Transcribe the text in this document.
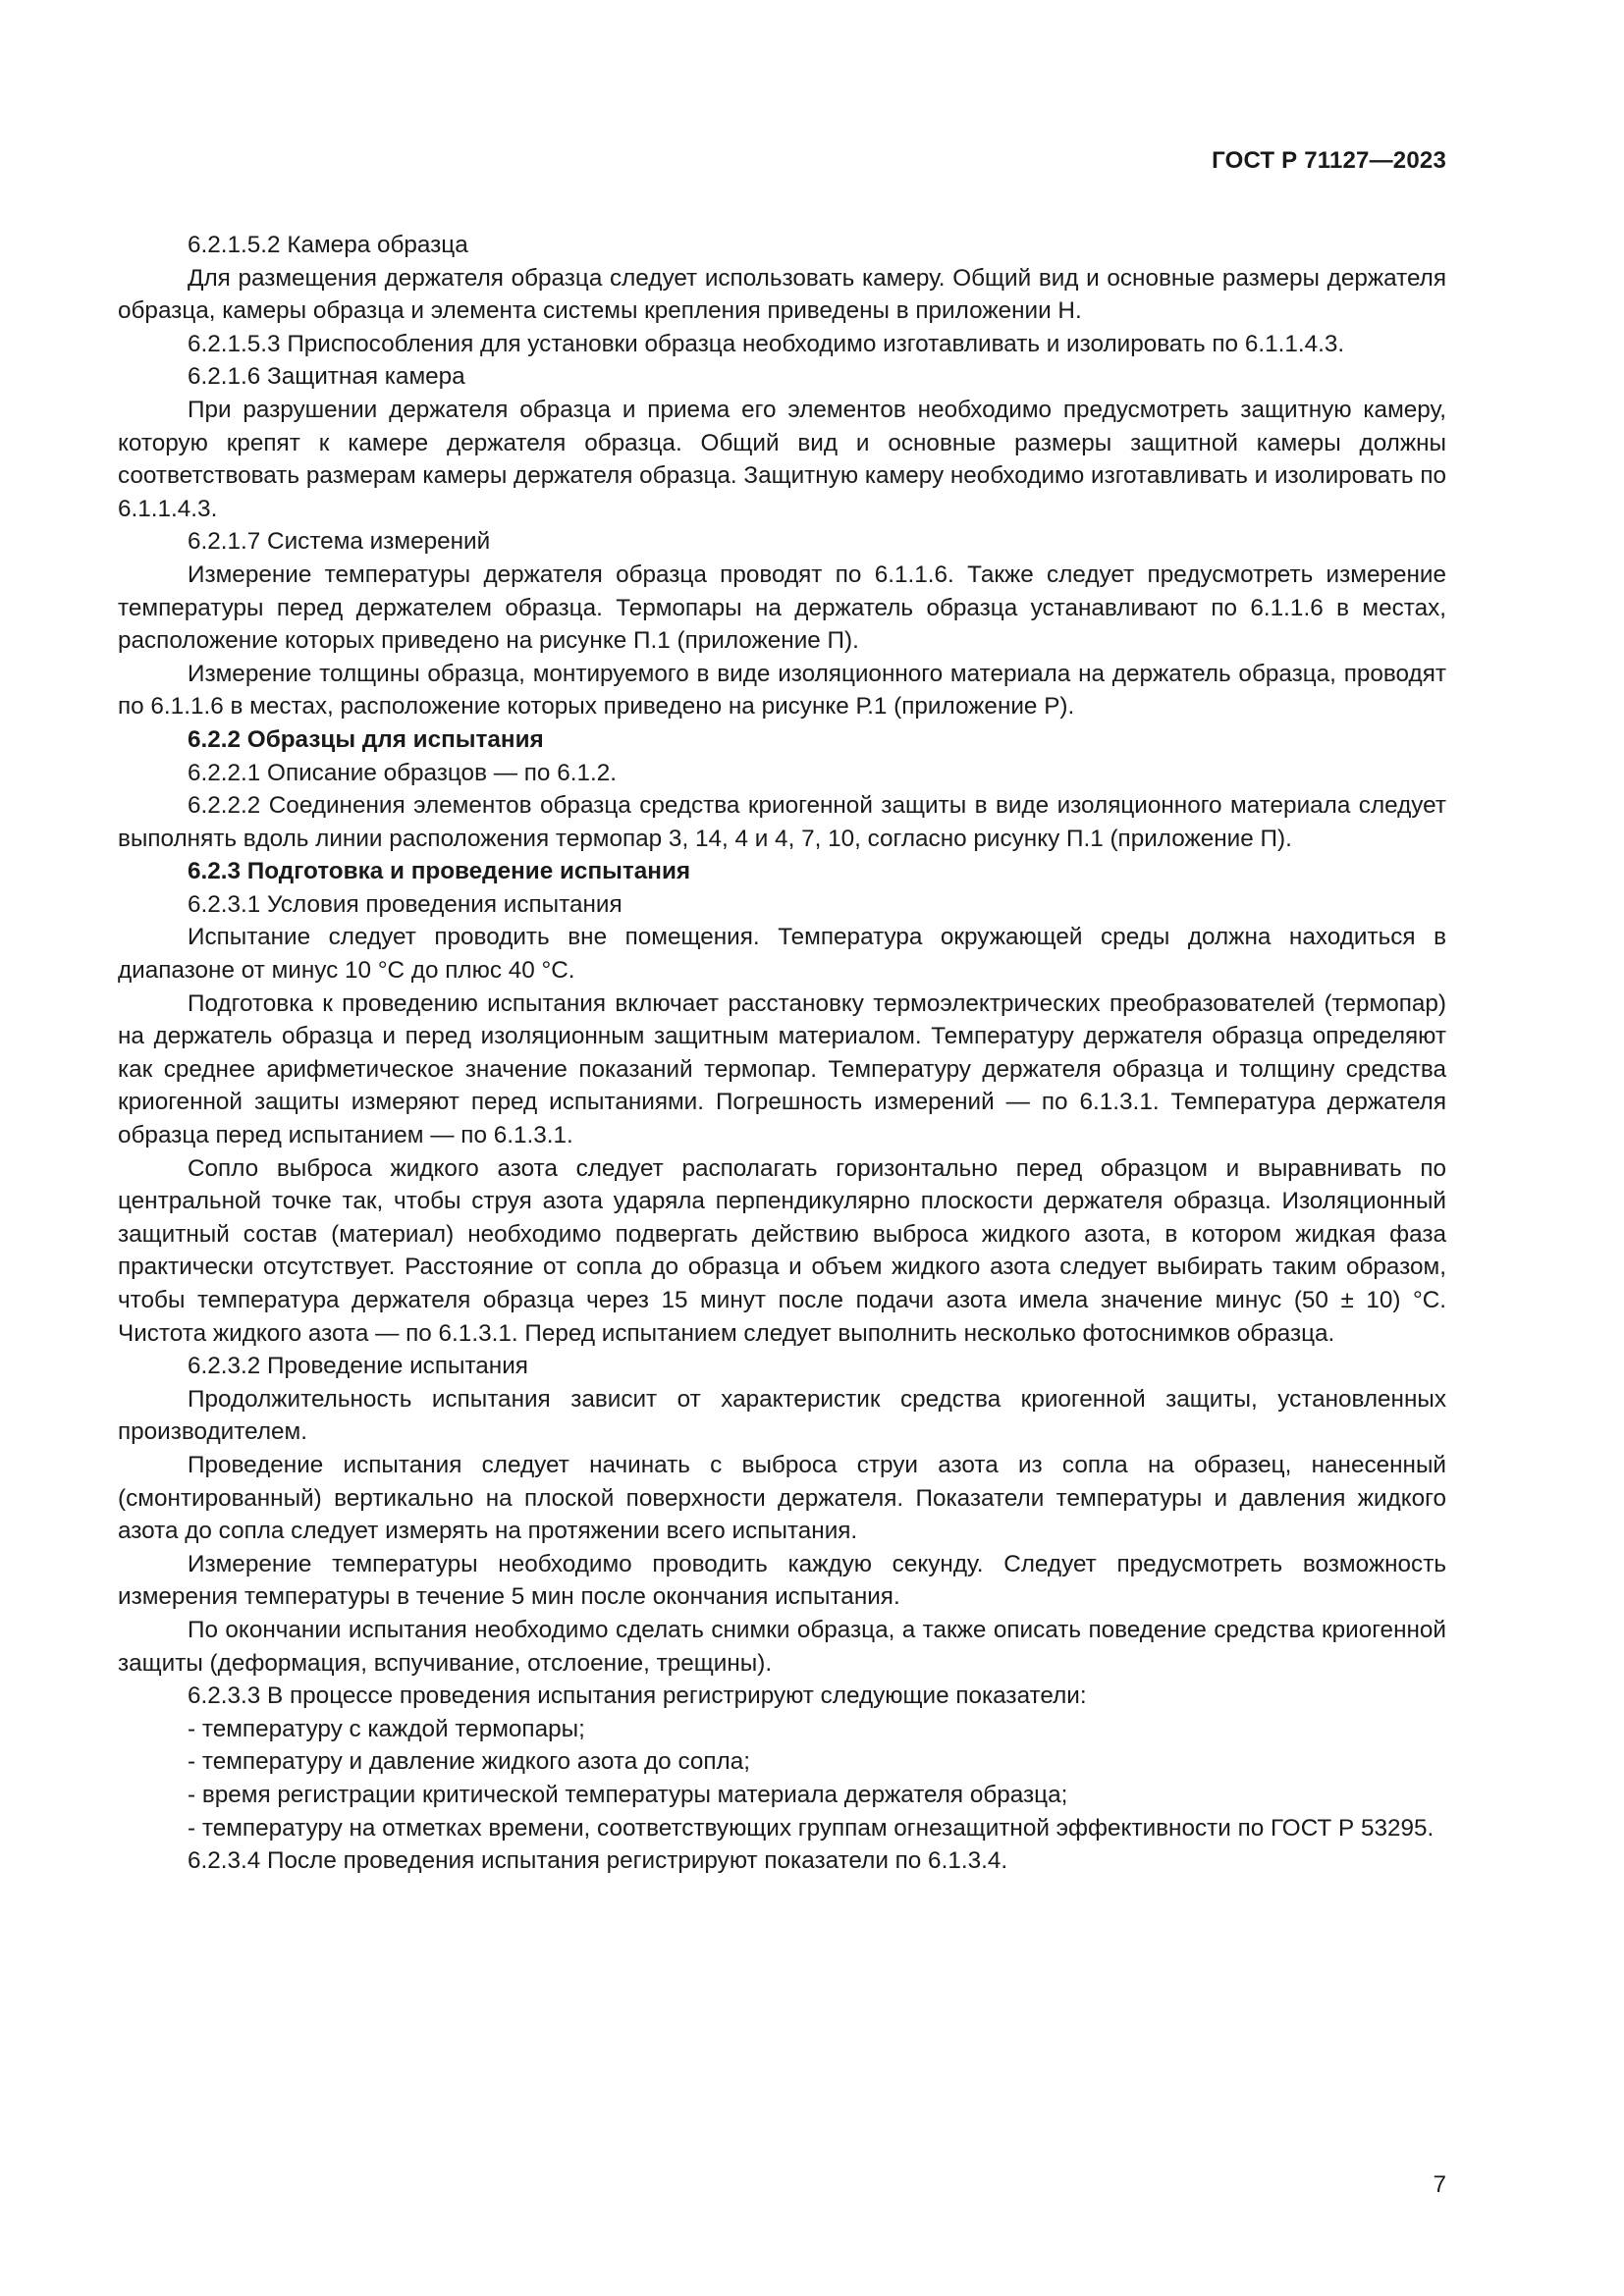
ГОСТ Р 71127—2023

6.2.1.5.2 Камера образца

Для размещения держателя образца следует использовать камеру. Общий вид и основные размеры держателя образца, камеры образца и элемента системы крепления приведены в приложении Н.

6.2.1.5.3 Приспособления для установки образца необходимо изготавливать и изолировать по 6.1.1.4.3.

6.2.1.6 Защитная камера

При разрушении держателя образца и приема его элементов необходимо предусмотреть защитную камеру, которую крепят к камере держателя образца. Общий вид и основные размеры защитной камеры должны соответствовать размерам камеры держателя образца. Защитную камеру необходимо изготавливать и изолировать по 6.1.1.4.3.

6.2.1.7 Система измерений

Измерение температуры держателя образца проводят по 6.1.1.6. Также следует предусмотреть измерение температуры перед держателем образца. Термопары на держатель образца устанавливают по 6.1.1.6 в местах, расположение которых приведено на рисунке П.1 (приложение П).

Измерение толщины образца, монтируемого в виде изоляционного материала на держатель образца, проводят по 6.1.1.6 в местах, расположение которых приведено на рисунке Р.1 (приложение Р).

6.2.2 Образцы для испытания

6.2.2.1 Описание образцов — по 6.1.2.

6.2.2.2 Соединения элементов образца средства криогенной защиты в виде изоляционного материала следует выполнять вдоль линии расположения термопар 3, 14, 4 и 4, 7, 10, согласно рисунку П.1 (приложение П).

6.2.3 Подготовка и проведение испытания

6.2.3.1 Условия проведения испытания

Испытание следует проводить вне помещения. Температура окружающей среды должна находиться в диапазоне от минус 10 °С до плюс 40 °С.

Подготовка к проведению испытания включает расстановку термоэлектрических преобразователей (термопар) на держатель образца и перед изоляционным защитным материалом. Температуру держателя образца определяют как среднее арифметическое значение показаний термопар. Температуру держателя образца и толщину средства криогенной защиты измеряют перед испытаниями. Погрешность измерений — по 6.1.3.1. Температура держателя образца перед испытанием — по 6.1.3.1.

Сопло выброса жидкого азота следует располагать горизонтально перед образцом и выравнивать по центральной точке так, чтобы струя азота ударяла перпендикулярно плоскости держателя образца. Изоляционный защитный состав (материал) необходимо подвергать действию выброса жидкого азота, в котором жидкая фаза практически отсутствует. Расстояние от сопла до образца и объем жидкого азота следует выбирать таким образом, чтобы температура держателя образца через 15 минут после подачи азота имела значение минус (50 ± 10) °С. Чистота жидкого азота — по 6.1.3.1. Перед испытанием следует выполнить несколько фотоснимков образца.

6.2.3.2 Проведение испытания

Продолжительность испытания зависит от характеристик средства криогенной защиты, установленных производителем.

Проведение испытания следует начинать с выброса струи азота из сопла на образец, нанесенный (смонтированный) вертикально на плоской поверхности держателя. Показатели температуры и давления жидкого азота до сопла следует измерять на протяжении всего испытания.

Измерение температуры необходимо проводить каждую секунду. Следует предусмотреть возможность измерения температуры в течение 5 мин после окончания испытания.

По окончании испытания необходимо сделать снимки образца, а также описать поведение средства криогенной защиты (деформация, вспучивание, отслоение, трещины).

6.2.3.3 В процессе проведения испытания регистрируют следующие показатели:

- температуру с каждой термопары;

- температуру и давление жидкого азота до сопла;

- время регистрации критической температуры материала держателя образца;

- температуру на отметках времени, соответствующих группам огнезащитной эффективности по ГОСТ Р 53295.

6.2.3.4 После проведения испытания регистрируют показатели по 6.1.3.4.

7
